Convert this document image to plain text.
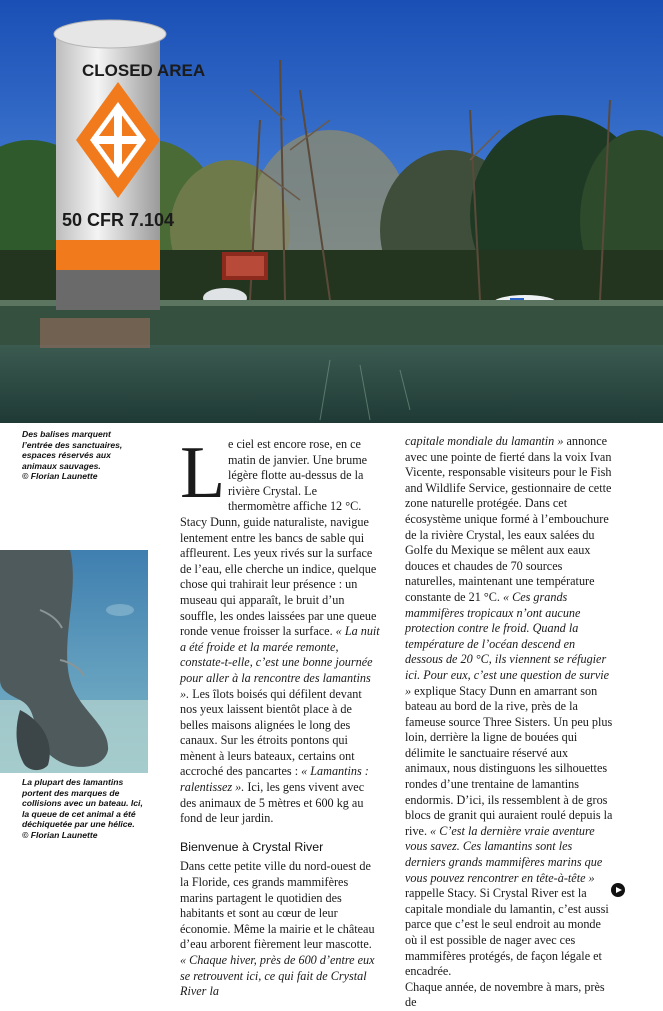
CLOSED AREA
50 CFR 7.104
Des balises marquent l’entrée des sanctuaires, espaces réservés aux animaux sauvages.
© Florian Launette
La plupart des lamantins portent des marques de collisions avec un bateau. Ici, la queue de cet animal a été déchiquetée par une hélice.
© Florian Launette

Le ciel est encore rose, en ce matin de janvier. Une brume légère flotte au-dessus de la rivière Crystal. Le thermomètre affiche 12 °C. Stacy Dunn, guide naturaliste, navigue lentement entre les bancs de sable qui affleurent. Les yeux rivés sur la surface de l’eau, elle cherche un indice, quelque chose qui trahirait leur présence : un museau qui apparaît, le bruit d’un souffle, les ondes laissées par une queue ronde venue froisser la surface. « La nuit a été froide et la marée remonte, constate-t-elle, c’est une bonne journée pour aller à la rencontre des lamantins ». Les îlots boisés qui défilent devant nos yeux laissent bientôt place à de belles maisons alignées le long des canaux. Sur les étroits pontons qui mènent à leurs bateaux, certains ont accroché des pancartes : « Lamantins : ralentissez ». Ici, les gens vivent avec des animaux de 5 mètres et 600 kg au fond de leur jardin.

Bienvenue à Crystal River

Dans cette petite ville du nord-ouest de la Floride, ces grands mammifères marins partagent le quotidien des habitants et sont au cœur de leur économie. Même la mairie et le château d’eau arborent fièrement leur mascotte. « Chaque hiver, près de 600 d’entre eux se retrouvent ici, ce qui fait de Crystal River la

capitale mondiale du lamantin » annonce avec une pointe de fierté dans la voix Ivan Vicente, responsable visiteurs pour le Fish and Wildlife Service, gestionnaire de cette zone naturelle protégée. Dans cet écosystème unique formé à l’embouchure de la rivière Crystal, les eaux salées du Golfe du Mexique se mêlent aux eaux douces et chaudes de 70 sources naturelles, maintenant une température constante de 21 °C. « Ces grands mammifères tropicaux n’ont aucune protection contre le froid. Quand la température de l’océan descend en dessous de 20 °C, ils viennent se réfugier ici. Pour eux, c’est une question de survie » explique Stacy Dunn en amarrant son bateau au bord de la rive, près de la fameuse source Three Sisters. Un peu plus loin, derrière la ligne de bouées qui délimite le sanctuaire réservé aux animaux, nous distinguons les silhouettes rondes d’une trentaine de lamantins endormis. D’ici, ils ressemblent à de gros blocs de granit qui auraient roulé depuis la rive. « C’est la dernière vraie aventure vous savez. Ces lamantins sont les derniers grands mammifères marins que vous pouvez rencontrer en tête-à-tête » rappelle Stacy. Si Crystal River est la capitale mondiale du lamantin, c’est aussi parce que c’est le seul endroit au monde où il est possible de nager avec ces mammifères protégés, de façon légale et encadrée.

Chaque année, de novembre à mars, près de
